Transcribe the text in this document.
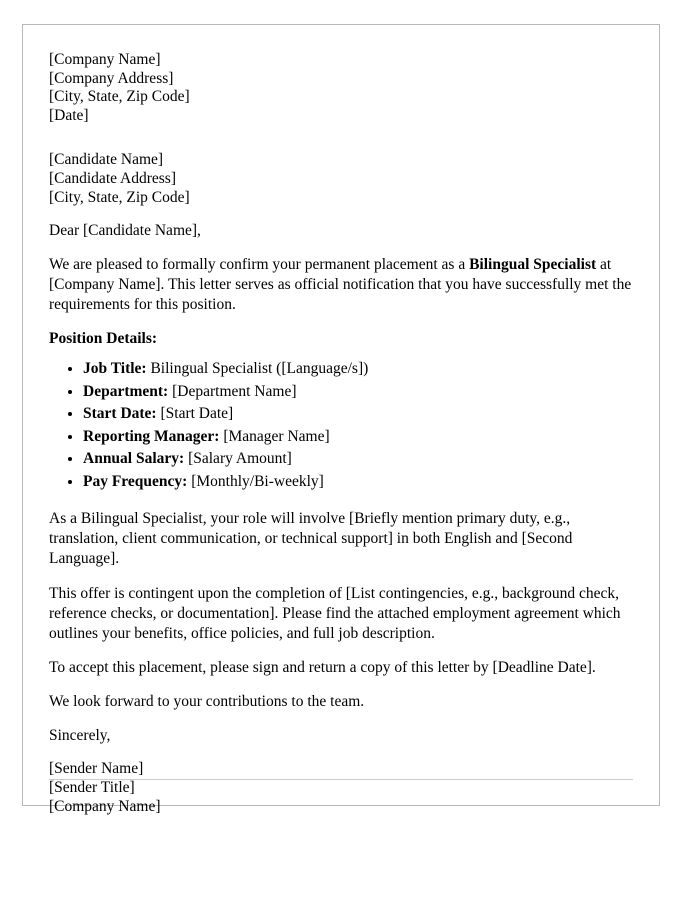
[Company Name]
[Company Address]
[City, State, Zip Code]
[Date]
[Candidate Name]
[Candidate Address]
[City, State, Zip Code]
Dear [Candidate Name],
We are pleased to formally confirm your permanent placement as a Bilingual Specialist at [Company Name]. This letter serves as official notification that you have successfully met the requirements for this position.
Position Details:
• Job Title: Bilingual Specialist ([Language/s])
• Department: [Department Name]
• Start Date: [Start Date]
• Reporting Manager: [Manager Name]
• Annual Salary: [Salary Amount]
• Pay Frequency: [Monthly/Bi-weekly]
As a Bilingual Specialist, your role will involve [Briefly mention primary duty, e.g., translation, client communication, or technical support] in both English and [Second Language].
This offer is contingent upon the completion of [List contingencies, e.g., background check, reference checks, or documentation]. Please find the attached employment agreement which outlines your benefits, office policies, and full job description.
To accept this placement, please sign and return a copy of this letter by [Deadline Date].
We look forward to your contributions to the team.
Sincerely,
[Sender Name]
[Sender Title]
[Company Name]
